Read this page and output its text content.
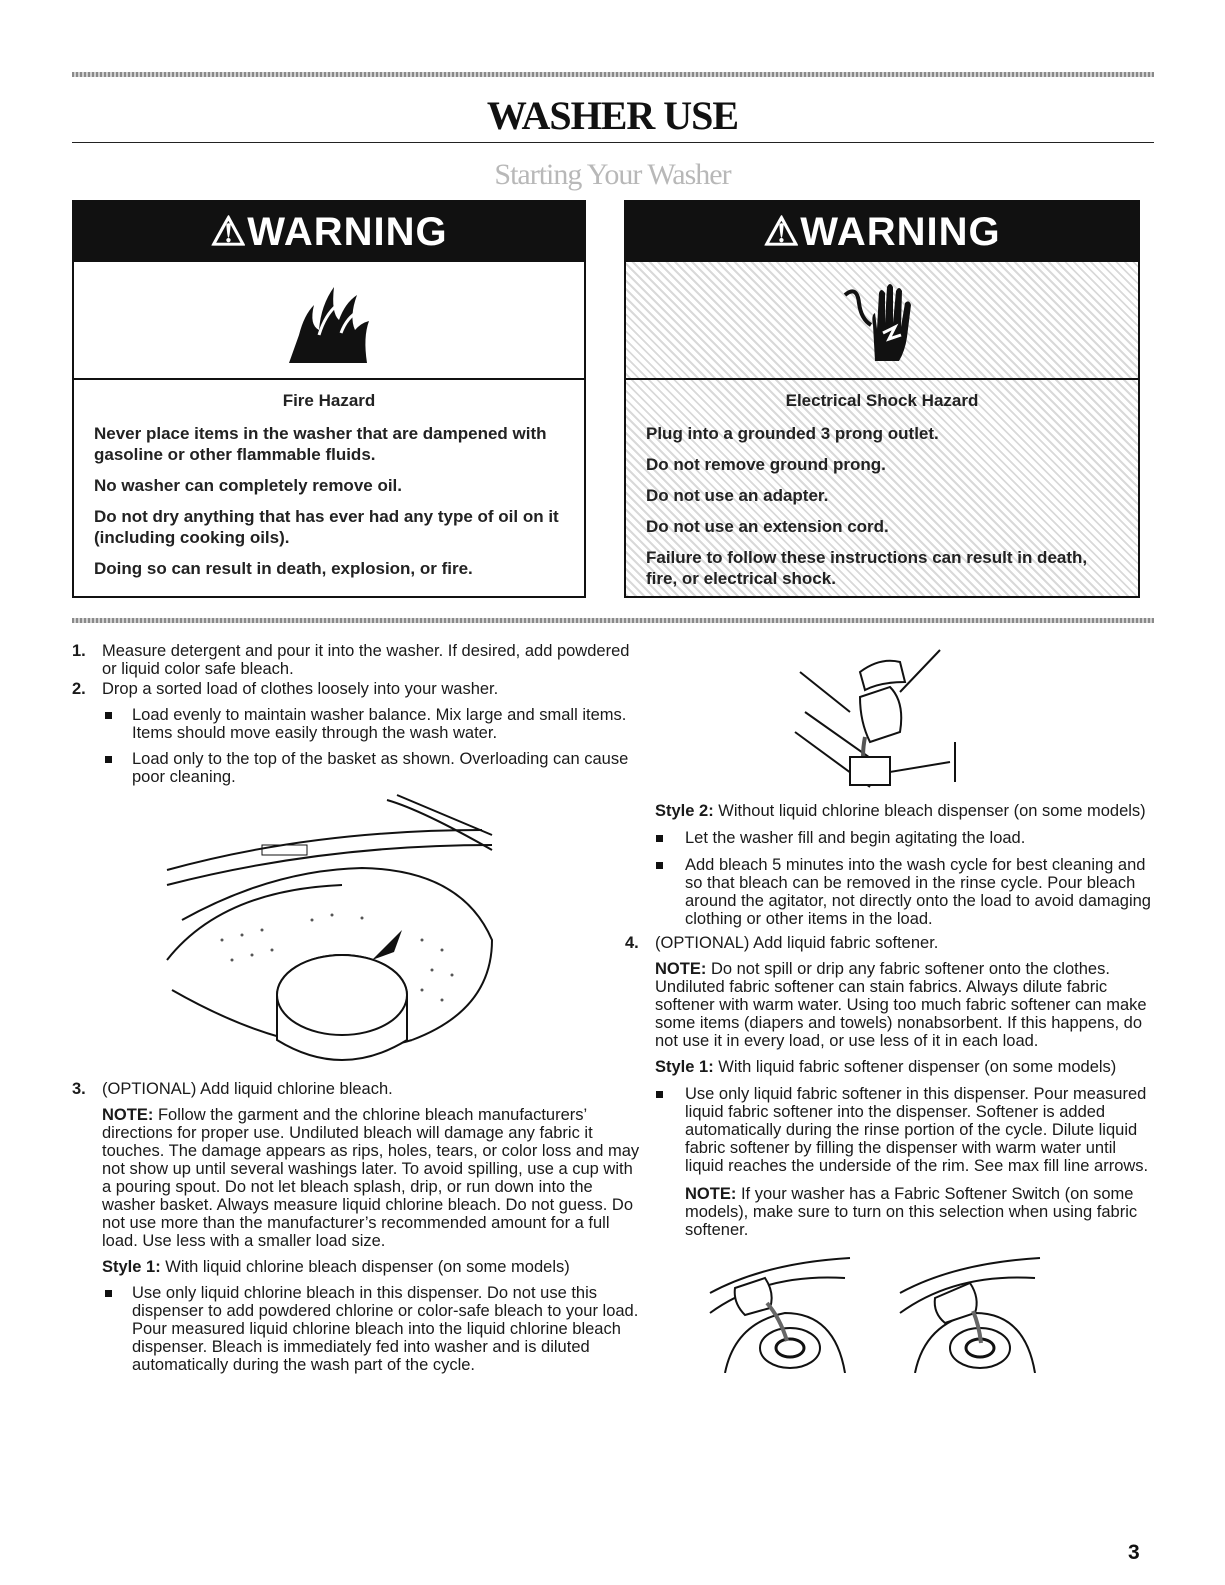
WASHER USE
Starting Your Washer
⚠WARNING
Fire Hazard

Never place items in the washer that are dampened with gasoline or other flammable fluids.

No washer can completely remove oil.

Do not dry anything that has ever had any type of oil on it (including cooking oils).

Doing so can result in death, explosion, or fire.

⚠WARNING
Electrical Shock Hazard

Plug into a grounded 3 prong outlet.

Do not remove ground prong.

Do not use an adapter.

Do not use an extension cord.

Failure to follow these instructions can result in death, fire, or electrical shock.

1. Measure detergent and pour it into the washer. If desired, add powdered or liquid color safe bleach.
2. Drop a sorted load of clothes loosely into your washer.
Load evenly to maintain washer balance. Mix large and small items. Items should move easily through the wash water.
Load only to the top of the basket as shown. Overloading can cause poor cleaning.
3. (OPTIONAL) Add liquid chlorine bleach.
NOTE: Follow the garment and the chlorine bleach manufacturers’ directions for proper use. Undiluted bleach will damage any fabric it touches. The damage appears as rips, holes, tears, or color loss and may not show up until several washings later. To avoid spilling, use a cup with a pouring spout. Do not let bleach splash, drip, or run down into the washer basket. Always measure liquid chlorine bleach. Do not guess. Do not use more than the manufacturer’s recommended amount for a full load. Use less with a smaller load size.
Style 1: With liquid chlorine bleach dispenser (on some models)
Use only liquid chlorine bleach in this dispenser. Do not use this dispenser to add powdered chlorine or color-safe bleach to your load. Pour measured liquid chlorine bleach into the liquid chlorine bleach dispenser. Bleach is immediately fed into washer and is diluted automatically during the wash part of the cycle.
Style 2: Without liquid chlorine bleach dispenser (on some models)
Let the washer fill and begin agitating the load.
Add bleach 5 minutes into the wash cycle for best cleaning and so that bleach can be removed in the rinse cycle. Pour bleach around the agitator, not directly onto the load to avoid damaging clothing or other items in the load.
4. (OPTIONAL) Add liquid fabric softener.
NOTE: Do not spill or drip any fabric softener onto the clothes. Undiluted fabric softener can stain fabrics. Always dilute fabric softener with warm water. Using too much fabric softener can make some items (diapers and towels) nonabsorbent. If this happens, do not use it in every load, or use less of it in each load.
Style 1: With liquid fabric softener dispenser (on some models)
Use only liquid fabric softener in this dispenser. Pour measured liquid fabric softener into the dispenser. Softener is added automatically during the rinse portion of the cycle. Dilute liquid fabric softener by filling the dispenser with warm water until liquid reaches the underside of the rim. See max fill line arrows.
NOTE: If your washer has a Fabric Softener Switch (on some models), make sure to turn on this selection when using fabric softener.
3
